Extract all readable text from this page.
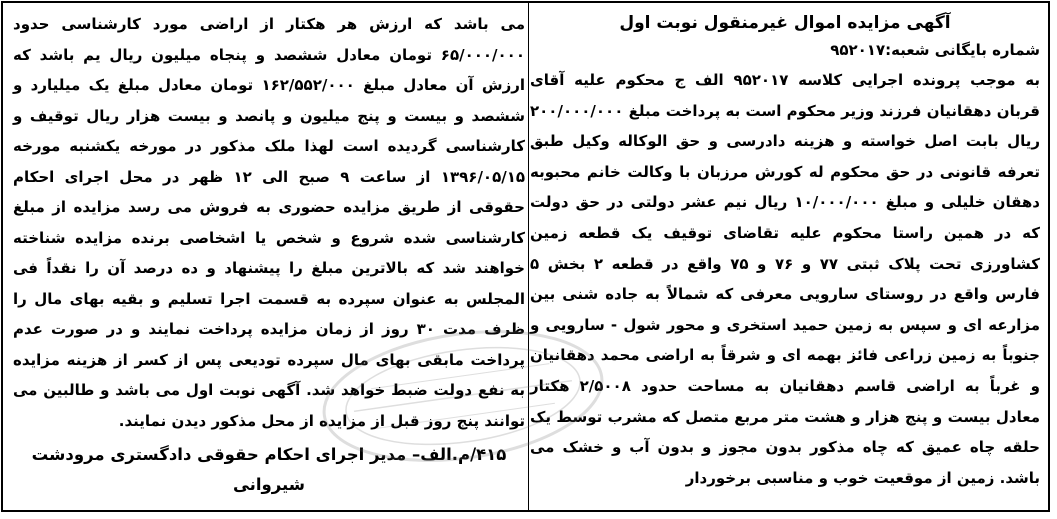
آگهی مزایده اموال غیرمنقول نوبت اول

شماره بایگانی شعبه:۹۵۲۰۱۷

به موجب پرونده اجرایی کلاسه ۹۵۲۰۱۷ الف ج محکوم علیه آقای قربان دهقانیان فرزند وزیر محکوم است به پرداخت مبلغ ۲۰۰/۰۰۰/۰۰۰ ریال بابت اصل خواسته و هزینه دادرسی و حق الوکاله وکیل طبق تعرفه قانونی در حق محکوم له کورش مرزبان با وکالت خانم محبوبه دهقان خلیلی و مبلغ ۱۰/۰۰۰/۰۰۰ ریال نیم عشر دولتی در حق دولت که در همین راستا محکوم علیه تقاضای توقیف یک قطعه زمین کشاورزی تحت پلاک ثبتی ۷۷ و ۷۶ و ۷۵ واقع در قطعه ۲ بخش ۵ فارس واقع در روستای سارویی معرفی که شمالاً به جاده شنی بین مزارعه ای و سپس به زمین حمید استخری و محور شول - سارویی و جنوباً به زمین زراعی فائز بهمه ای و شرقاً به اراضی محمد دهقانیان و غرباً به اراضی قاسم دهقانیان به مساحت حدود ۲/۵۰۰۸ هکتار معادل بیست و پنج هزار و هشت متر مربع متصل که مشرب توسط یک حلقه چاه عمیق که چاه مذکور بدون مجوز و بدون آب و خشک می باشد. زمین از موقعیت خوب و مناسبی برخوردار

می باشد که ارزش هر هکتار از اراضی مورد کارشناسی حدود ۶۵/۰۰۰/۰۰۰ تومان معادل ششصد و پنجاه میلیون ریال یم باشد که ارزش آن معادل مبلغ ۱۶۲/۵۵۲/۰۰۰ تومان معادل مبلغ یک میلیارد و ششصد و بیست و پنج میلیون و پانصد و بیست هزار ریال توقیف و کارشناسی گردیده است لهذا ملک مذکور در مورخه یکشنبه مورخه ۱۳۹۶/۰۵/۱۵ از ساعت ۹ صبح الی ۱۲ ظهر در محل اجرای احکام حقوقی از طریق مزایده حضوری به فروش می رسد مزایده از مبلغ کارشناسی شده شروع و شخص یا اشخاصی برنده مزایده شناخته خواهند شد که بالاترین مبلغ را پیشنهاد و ده درصد آن را نقداً فی المجلس به عنوان سپرده به قسمت اجرا تسلیم و بقیه بهای مال را ظرف مدت ۳۰ روز از زمان مزایده پرداخت نمایند و در صورت عدم پرداخت مابقی بهای مال سپرده تودیعی پس از کسر از هزینه مزایده به نفع دولت ضبط خواهد شد. آگهی نوبت اول می باشد و طالبین می توانند پنج روز قبل از مزایده از محل مذکور دیدن نمایند.

۴۱۵/م.الف– مدیر اجرای احکام حقوقی دادگستری مرودشت شیروانی
